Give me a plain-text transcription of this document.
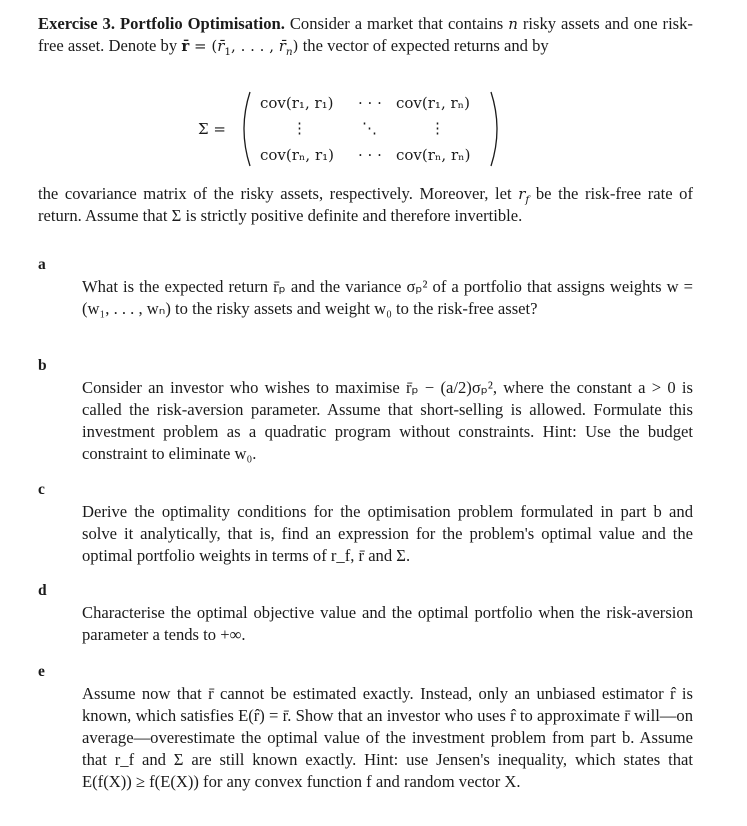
Exercise 3. Portfolio Optimisation. Consider a market that contains n risky assets and one risk-free asset. Denote by r̄ = ($r̄_1$, . . . , $r̄_n$) the vector of expected returns and by
Σ =
cov(r₁, r₁) · · · cov(r₁, rₙ)
⋮	⋱	⋮
cov(rₙ, r₁) · · · cov(rₙ, rₙ)
the covariance matrix of the risky assets, respectively. Moreover, let $r_f$ be the risk-free rate of return. Assume that Σ is strictly positive definite and therefore invertible.
a
What is the expected return r̄ₚ and the variance σₚ² of a portfolio that assigns weights w = (w₁, . . . , wₙ) to the risky assets and weight w₀ to the risk-free asset?
b
Consider an investor who wishes to maximise r̄ₚ − (a/2)σₚ², where the constant a > 0 is called the risk-aversion parameter. Assume that short-selling is allowed. Formulate this investment problem as a quadratic program without constraints. Hint: Use the budget constraint to eliminate w₀.
c
Derive the optimality conditions for the optimisation problem formulated in part b and solve it analytically, that is, find an expression for the problem's optimal value and the optimal portfolio weights in terms of r_f, r̄ and Σ.
d
Characterise the optimal objective value and the optimal portfolio when the risk-aversion parameter a tends to +∞.
e
Assume now that r̄ cannot be estimated exactly. Instead, only an unbiased estimator r̂ is known, which satisfies E(r̂) = r̄. Show that an investor who uses r̂ to approximate r̄ will—on average—overestimate the optimal value of the investment problem from part b. Assume that r_f and Σ are still known exactly. Hint: use Jensen's inequality, which states that E(f(X)) ≥ f(E(X)) for any convex function f and random vector X.
